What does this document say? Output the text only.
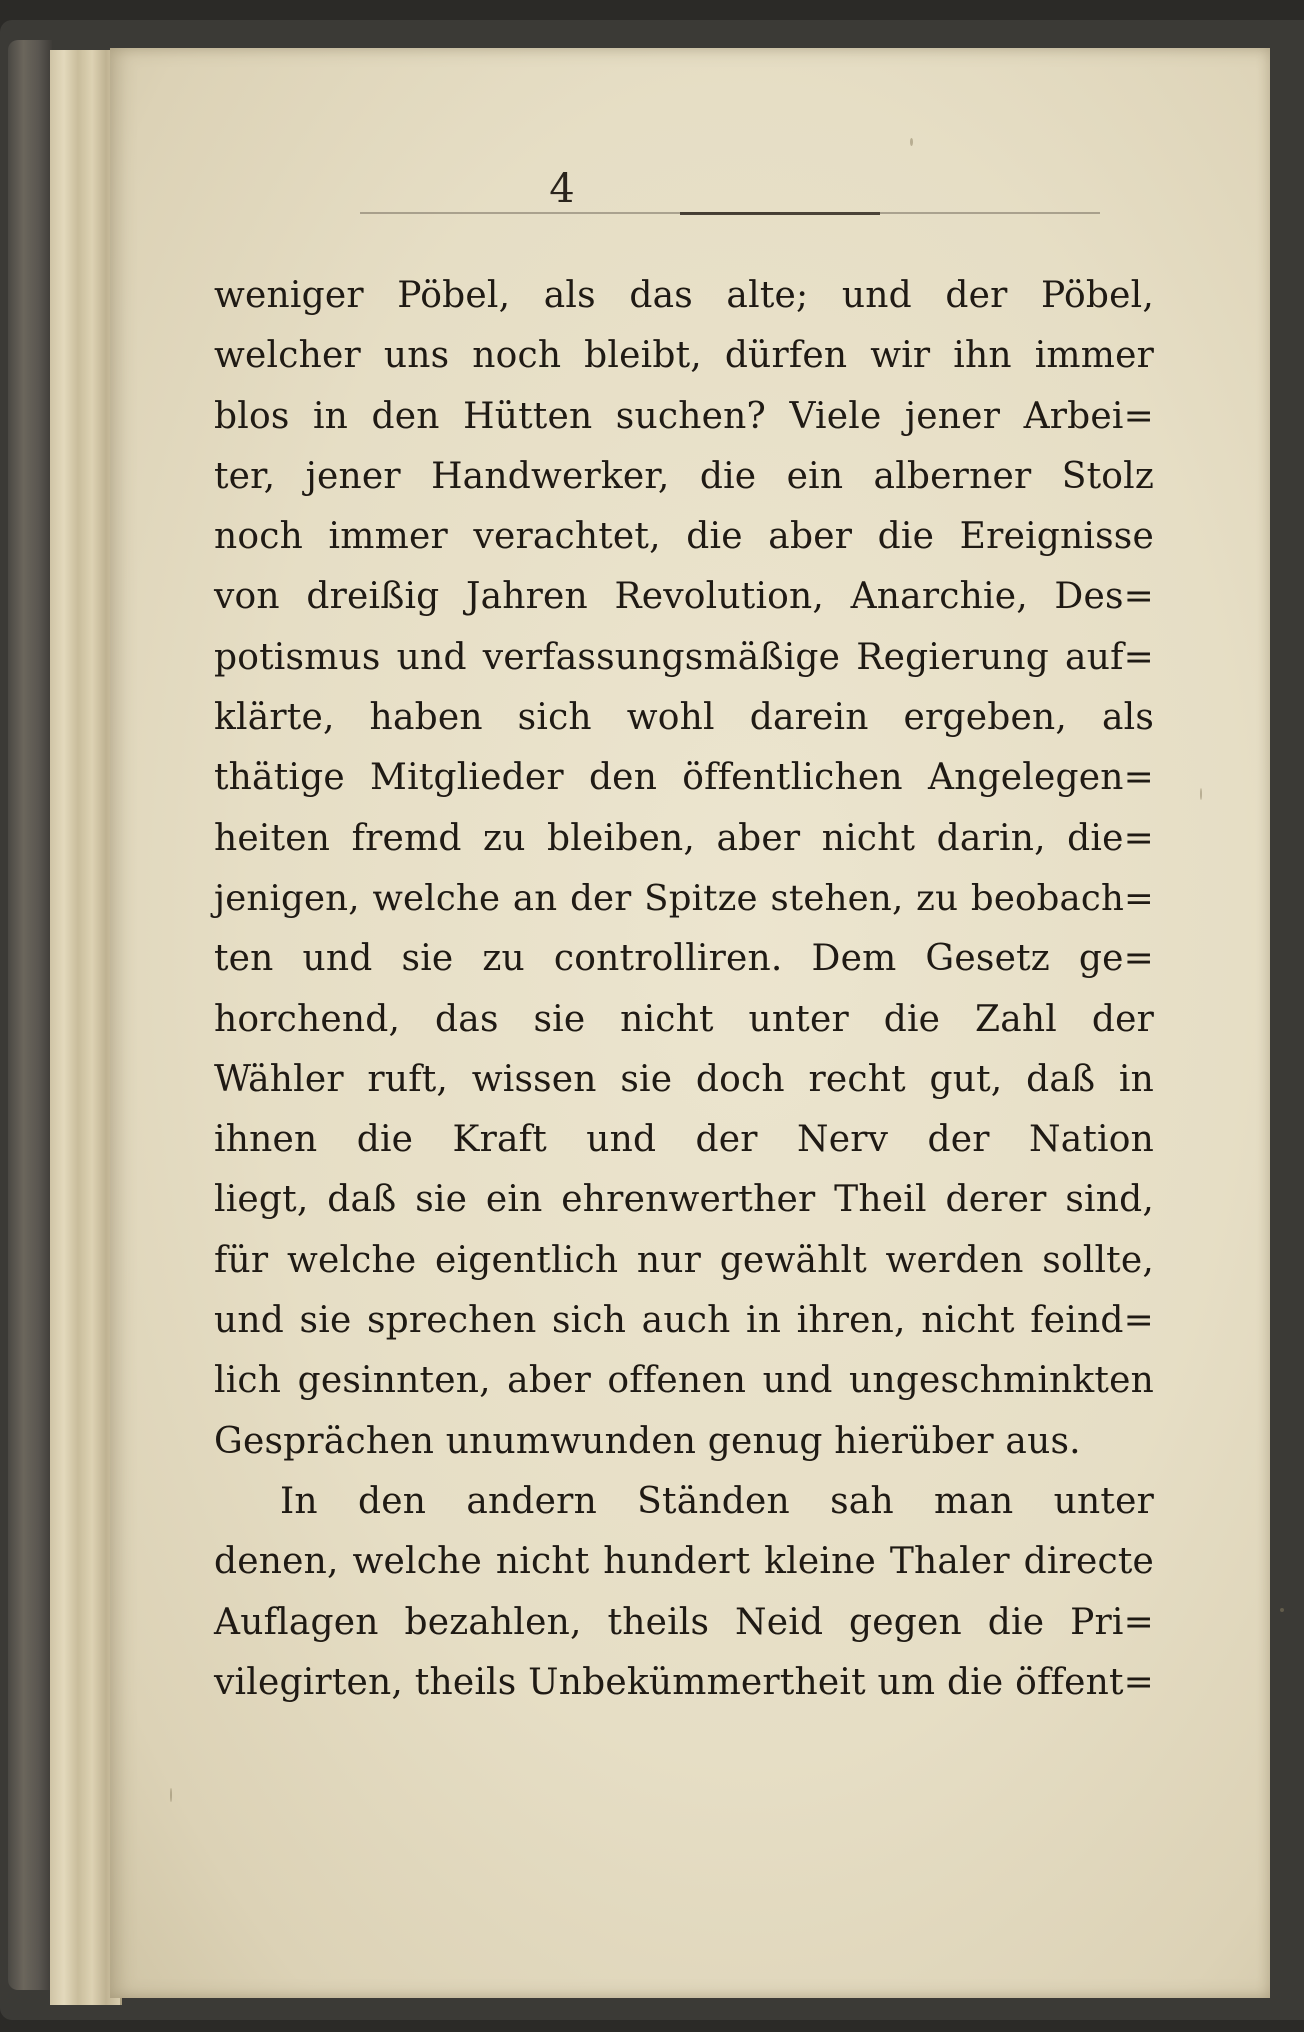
4
weniger Pöbel, als das alte; und der Pöbel,
welcher uns noch bleibt, dürfen wir ihn immer
blos in den Hütten suchen? Viele jener Arbei=
ter, jener Handwerker, die ein alberner Stolz
noch immer verachtet, die aber die Ereignisse
von dreißig Jahren Revolution, Anarchie, Des=
potismus und verfassungsmäßige Regierung auf=
klärte, haben sich wohl darein ergeben, als
thätige Mitglieder den öffentlichen Angelegen=
heiten fremd zu bleiben, aber nicht darin, die=
jenigen, welche an der Spitze stehen, zu beobach=
ten und sie zu controlliren. Dem Gesetz ge=
horchend, das sie nicht unter die Zahl der
Wähler ruft, wissen sie doch recht gut, daß in
ihnen die Kraft und der Nerv der Nation
liegt, daß sie ein ehrenwerther Theil derer sind,
für welche eigentlich nur gewählt werden sollte,
und sie sprechen sich auch in ihren, nicht feind=
lich gesinnten, aber offenen und ungeschminkten
Gesprächen unumwunden genug hierüber aus.
In den andern Ständen sah man unter
denen, welche nicht hundert kleine Thaler directe
Auflagen bezahlen, theils Neid gegen die Pri=
vilegirten, theils Unbekümmertheit um die öffent=
